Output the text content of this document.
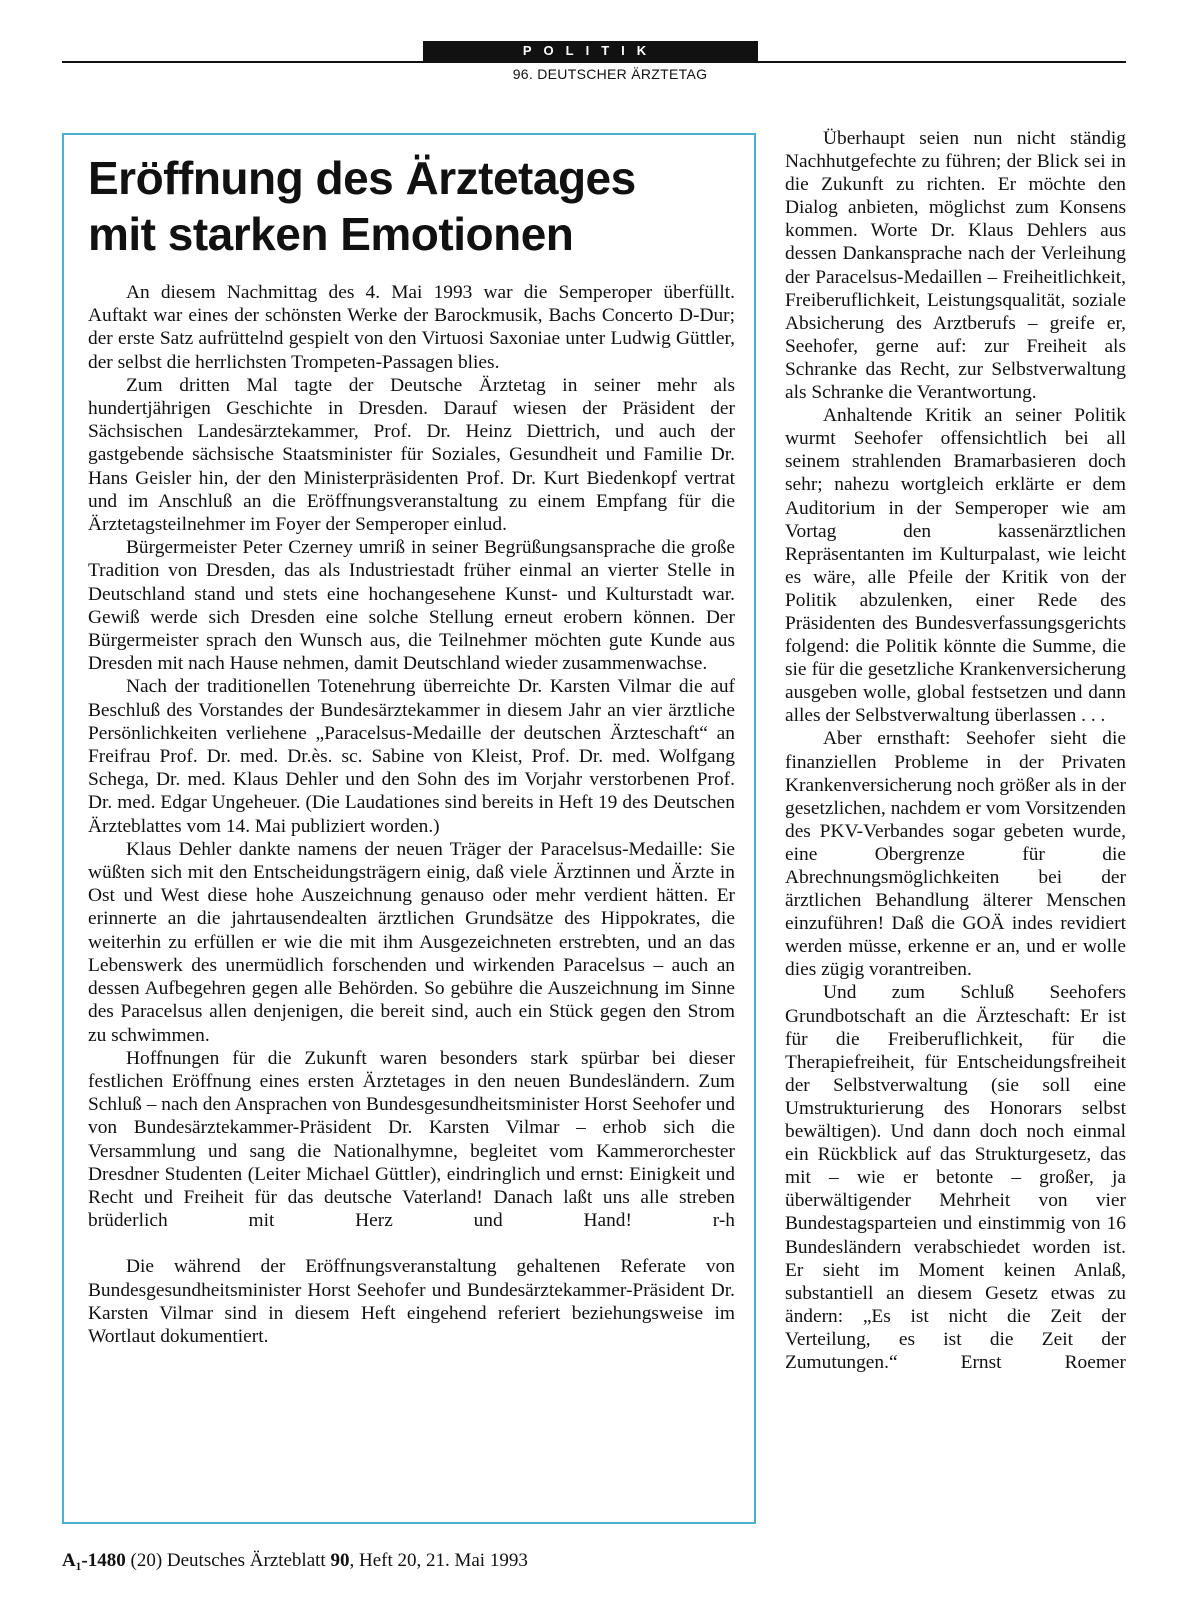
POLITIK
96. DEUTSCHER ÄRZTETAG
Eröffnung des Ärztetages
mit starken Emotionen

An diesem Nachmittag des 4. Mai 1993 war die Semperoper überfüllt. Auftakt war eines der schönsten Werke der Barockmusik, Bachs Concerto D-Dur; der erste Satz aufrüttelnd gespielt von den Virtuosi Saxoniae unter Ludwig Güttler, der selbst die herrlichsten Trompeten-Passagen blies.

Zum dritten Mal tagte der Deutsche Ärztetag in seiner mehr als hundertjährigen Geschichte in Dresden. Darauf wiesen der Präsident der Sächsischen Landesärztekammer, Prof. Dr. Heinz Diettrich, und auch der gastgebende sächsische Staatsminister für Soziales, Gesundheit und Familie Dr. Hans Geisler hin, der den Ministerpräsidenten Prof. Dr. Kurt Biedenkopf vertrat und im Anschluß an die Eröffnungsveranstaltung zu einem Empfang für die Ärztetagsteilnehmer im Foyer der Semperoper einlud.

Bürgermeister Peter Czerney umriß in seiner Begrüßungsansprache die große Tradition von Dresden, das als Industriestadt früher einmal an vierter Stelle in Deutschland stand und stets eine hochangesehene Kunst- und Kulturstadt war. Gewiß werde sich Dresden eine solche Stellung erneut erobern können. Der Bürgermeister sprach den Wunsch aus, die Teilnehmer möchten gute Kunde aus Dresden mit nach Hause nehmen, damit Deutschland wieder zusammenwachse.

Nach der traditionellen Totenehrung überreichte Dr. Karsten Vilmar die auf Beschluß des Vorstandes der Bundesärztekammer in diesem Jahr an vier ärztliche Persönlichkeiten verliehene „Paracelsus-Medaille der deutschen Ärzteschaft“ an Freifrau Prof. Dr. med. Dr.ès. sc. Sabine von Kleist, Prof. Dr. med. Wolfgang Schega, Dr. med. Klaus Dehler und den Sohn des im Vorjahr verstorbenen Prof. Dr. med. Edgar Ungeheuer. (Die Laudationes sind bereits in Heft 19 des Deutschen Ärzteblattes vom 14. Mai publiziert worden.)

Klaus Dehler dankte namens der neuen Träger der Paracelsus-Medaille: Sie wüßten sich mit den Entscheidungsträgern einig, daß viele Ärztinnen und Ärzte in Ost und West diese hohe Auszeichnung genauso oder mehr verdient hätten. Er erinnerte an die jahrtausendealten ärztlichen Grundsätze des Hippokrates, die weiterhin zu erfüllen er wie die mit ihm Ausgezeichneten erstrebten, und an das Lebenswerk des unermüdlich forschenden und wirkenden Paracelsus – auch an dessen Aufbegehren gegen alle Behörden. So gebühre die Auszeichnung im Sinne des Paracelsus allen denjenigen, die bereit sind, auch ein Stück gegen den Strom zu schwimmen.

Hoffnungen für die Zukunft waren besonders stark spürbar bei dieser festlichen Eröffnung eines ersten Ärztetages in den neuen Bundesländern. Zum Schluß – nach den Ansprachen von Bundesgesundheitsminister Horst Seehofer und von Bundesärztekammer-Präsident Dr. Karsten Vilmar – erhob sich die Versammlung und sang die Nationalhymne, begleitet vom Kammerorchester Dresdner Studenten (Leiter Michael Güttler), eindringlich und ernst: Einigkeit und Recht und Freiheit für das deutsche Vaterland! Danach laßt uns alle streben brüderlich mit Herz und Hand!	r-h

Die während der Eröffnungsveranstaltung gehaltenen Referate von Bundesgesundheitsminister Horst Seehofer und Bundesärztekammer-Präsident Dr. Karsten Vilmar sind in diesem Heft eingehend referiert beziehungsweise im Wortlaut dokumentiert.

Überhaupt seien nun nicht ständig Nachhutgefechte zu führen; der Blick sei in die Zukunft zu richten. Er möchte den Dialog anbieten, möglichst zum Konsens kommen. Worte Dr. Klaus Dehlers aus dessen Dankansprache nach der Verleihung der Paracelsus-Medaillen – Freiheitlichkeit, Freiberuflichkeit, Leistungsqualität, soziale Absicherung des Arztberufs – greife er, Seehofer, gerne auf: zur Freiheit als Schranke das Recht, zur Selbstverwaltung als Schranke die Verantwortung.

Anhaltende Kritik an seiner Politik wurmt Seehofer offensichtlich bei all seinem strahlenden Bramarbasieren doch sehr; nahezu wortgleich erklärte er dem Auditorium in der Semperoper wie am Vortag den kassenärztlichen Repräsentanten im Kulturpalast, wie leicht es wäre, alle Pfeile der Kritik von der Politik abzulenken, einer Rede des Präsidenten des Bundesverfassungsgerichts folgend: die Politik könnte die Summe, die sie für die gesetzliche Krankenversicherung ausgeben wolle, global festsetzen und dann alles der Selbstverwaltung überlassen . . .

Aber ernsthaft: Seehofer sieht die finanziellen Probleme in der Privaten Krankenversicherung noch größer als in der gesetzlichen, nachdem er vom Vorsitzenden des PKV-Verbandes sogar gebeten wurde, eine Obergrenze für die Abrechnungsmöglichkeiten bei der ärztlichen Behandlung älterer Menschen einzuführen! Daß die GOÄ indes revidiert werden müsse, erkenne er an, und er wolle dies zügig vorantreiben.

Und zum Schluß Seehofers Grundbotschaft an die Ärzteschaft: Er ist für die Freiberuflichkeit, für die Therapiefreiheit, für Entscheidungsfreiheit der Selbstverwaltung (sie soll eine Umstrukturierung des Honorars selbst bewältigen). Und dann doch noch einmal ein Rückblick auf das Strukturgesetz, das mit – wie er betonte – großer, ja überwältigender Mehrheit von vier Bundestagsparteien und einstimmig von 16 Bundesländern verabschiedet worden ist. Er sieht im Moment keinen Anlaß, substantiell an diesem Gesetz etwas zu ändern: „Es ist nicht die Zeit der Verteilung, es ist die Zeit der Zumutungen.“	Ernst Roemer

A₁-1480 (20) Deutsches Ärzteblatt 90, Heft 20, 21. Mai 1993
